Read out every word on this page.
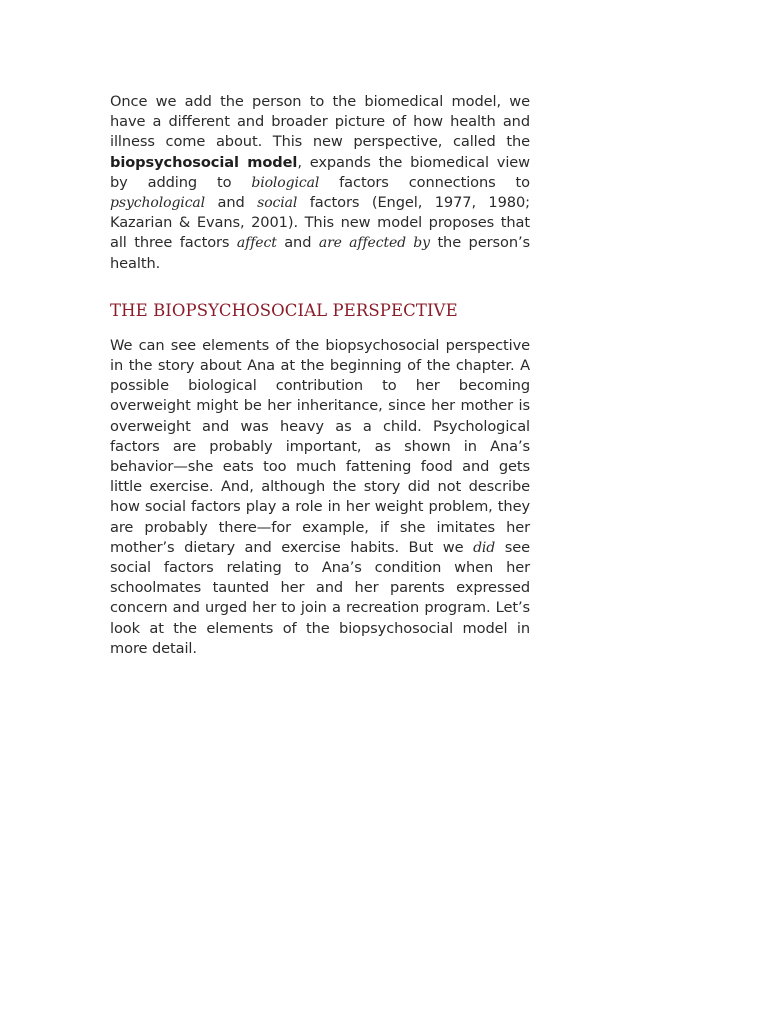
Once we add the person to the biomedical model, we have a different and broader picture of how health and illness come about. This new perspective, called the biopsychosocial model, expands the biomedical view by adding to biological factors connections to psychological and social factors (Engel, 1977, 1980; Kazarian & Evans, 2001). This new model proposes that all three factors affect and are affected by the person’s health.

THE BIOPSYCHOSOCIAL PERSPECTIVE

We can see elements of the biopsychosocial perspective in the story about Ana at the beginning of the chapter. A possible biological contribution to her becoming overweight might be her inheritance, since her mother is overweight and was heavy as a child. Psychological factors are probably important, as shown in Ana’s behavior—she eats too much fattening food and gets little exercise. And, although the story did not describe how social factors play a role in her weight problem, they are probably there—for example, if she imitates her mother’s dietary and exercise habits. But we did see social factors relating to Ana’s condition when her schoolmates taunted her and her parents expressed concern and urged her to join a recreation program. Let’s look at the elements of the biopsychosocial model in more detail.
